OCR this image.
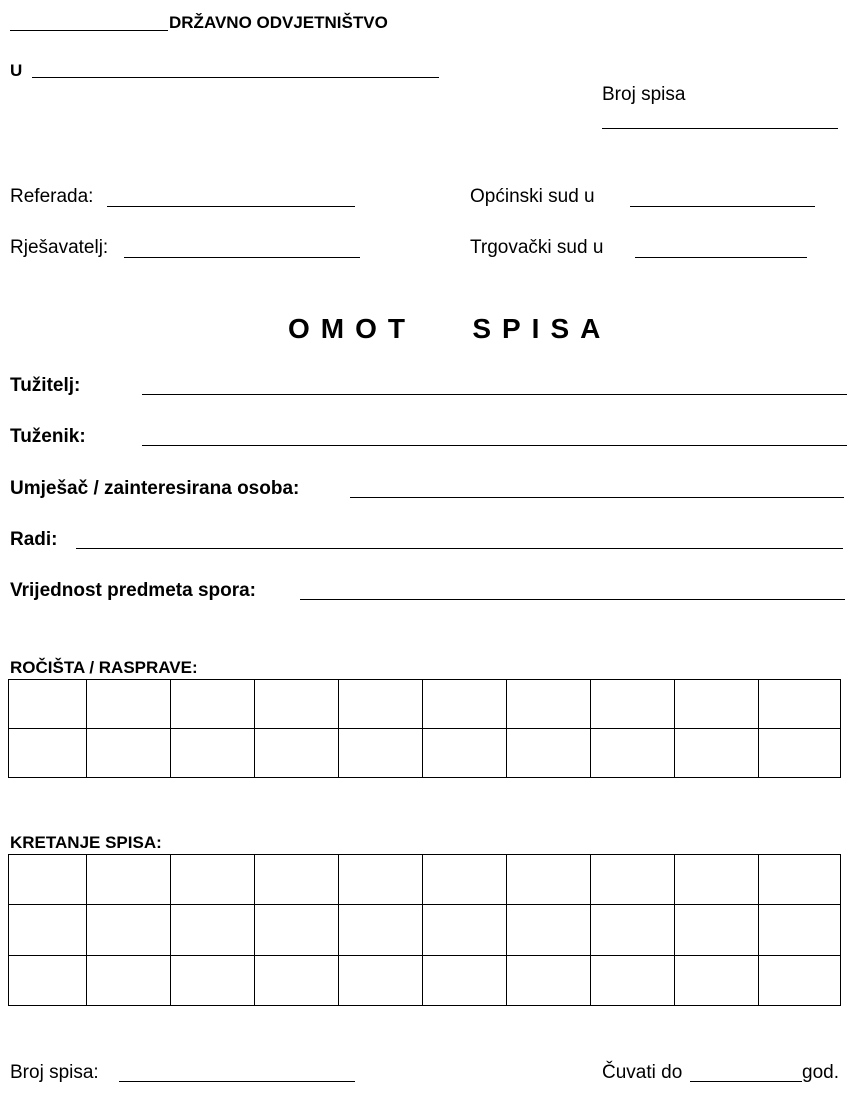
DRŽAVNO ODVJETNIŠTVO
U
Broj spisa
Referada:	Općinski sud u
Rješavatelj:	Trgovački sud u
OMOT   SPISA
Tužitelj:
Tuženik:
Umješač / zainteresirana osoba:
Radi:
Vrijednost predmeta spora:
ROČIŠTA / RASPRAVE:

KRETANJE SPISA:

Broj spisa:	Čuvati do	god.
